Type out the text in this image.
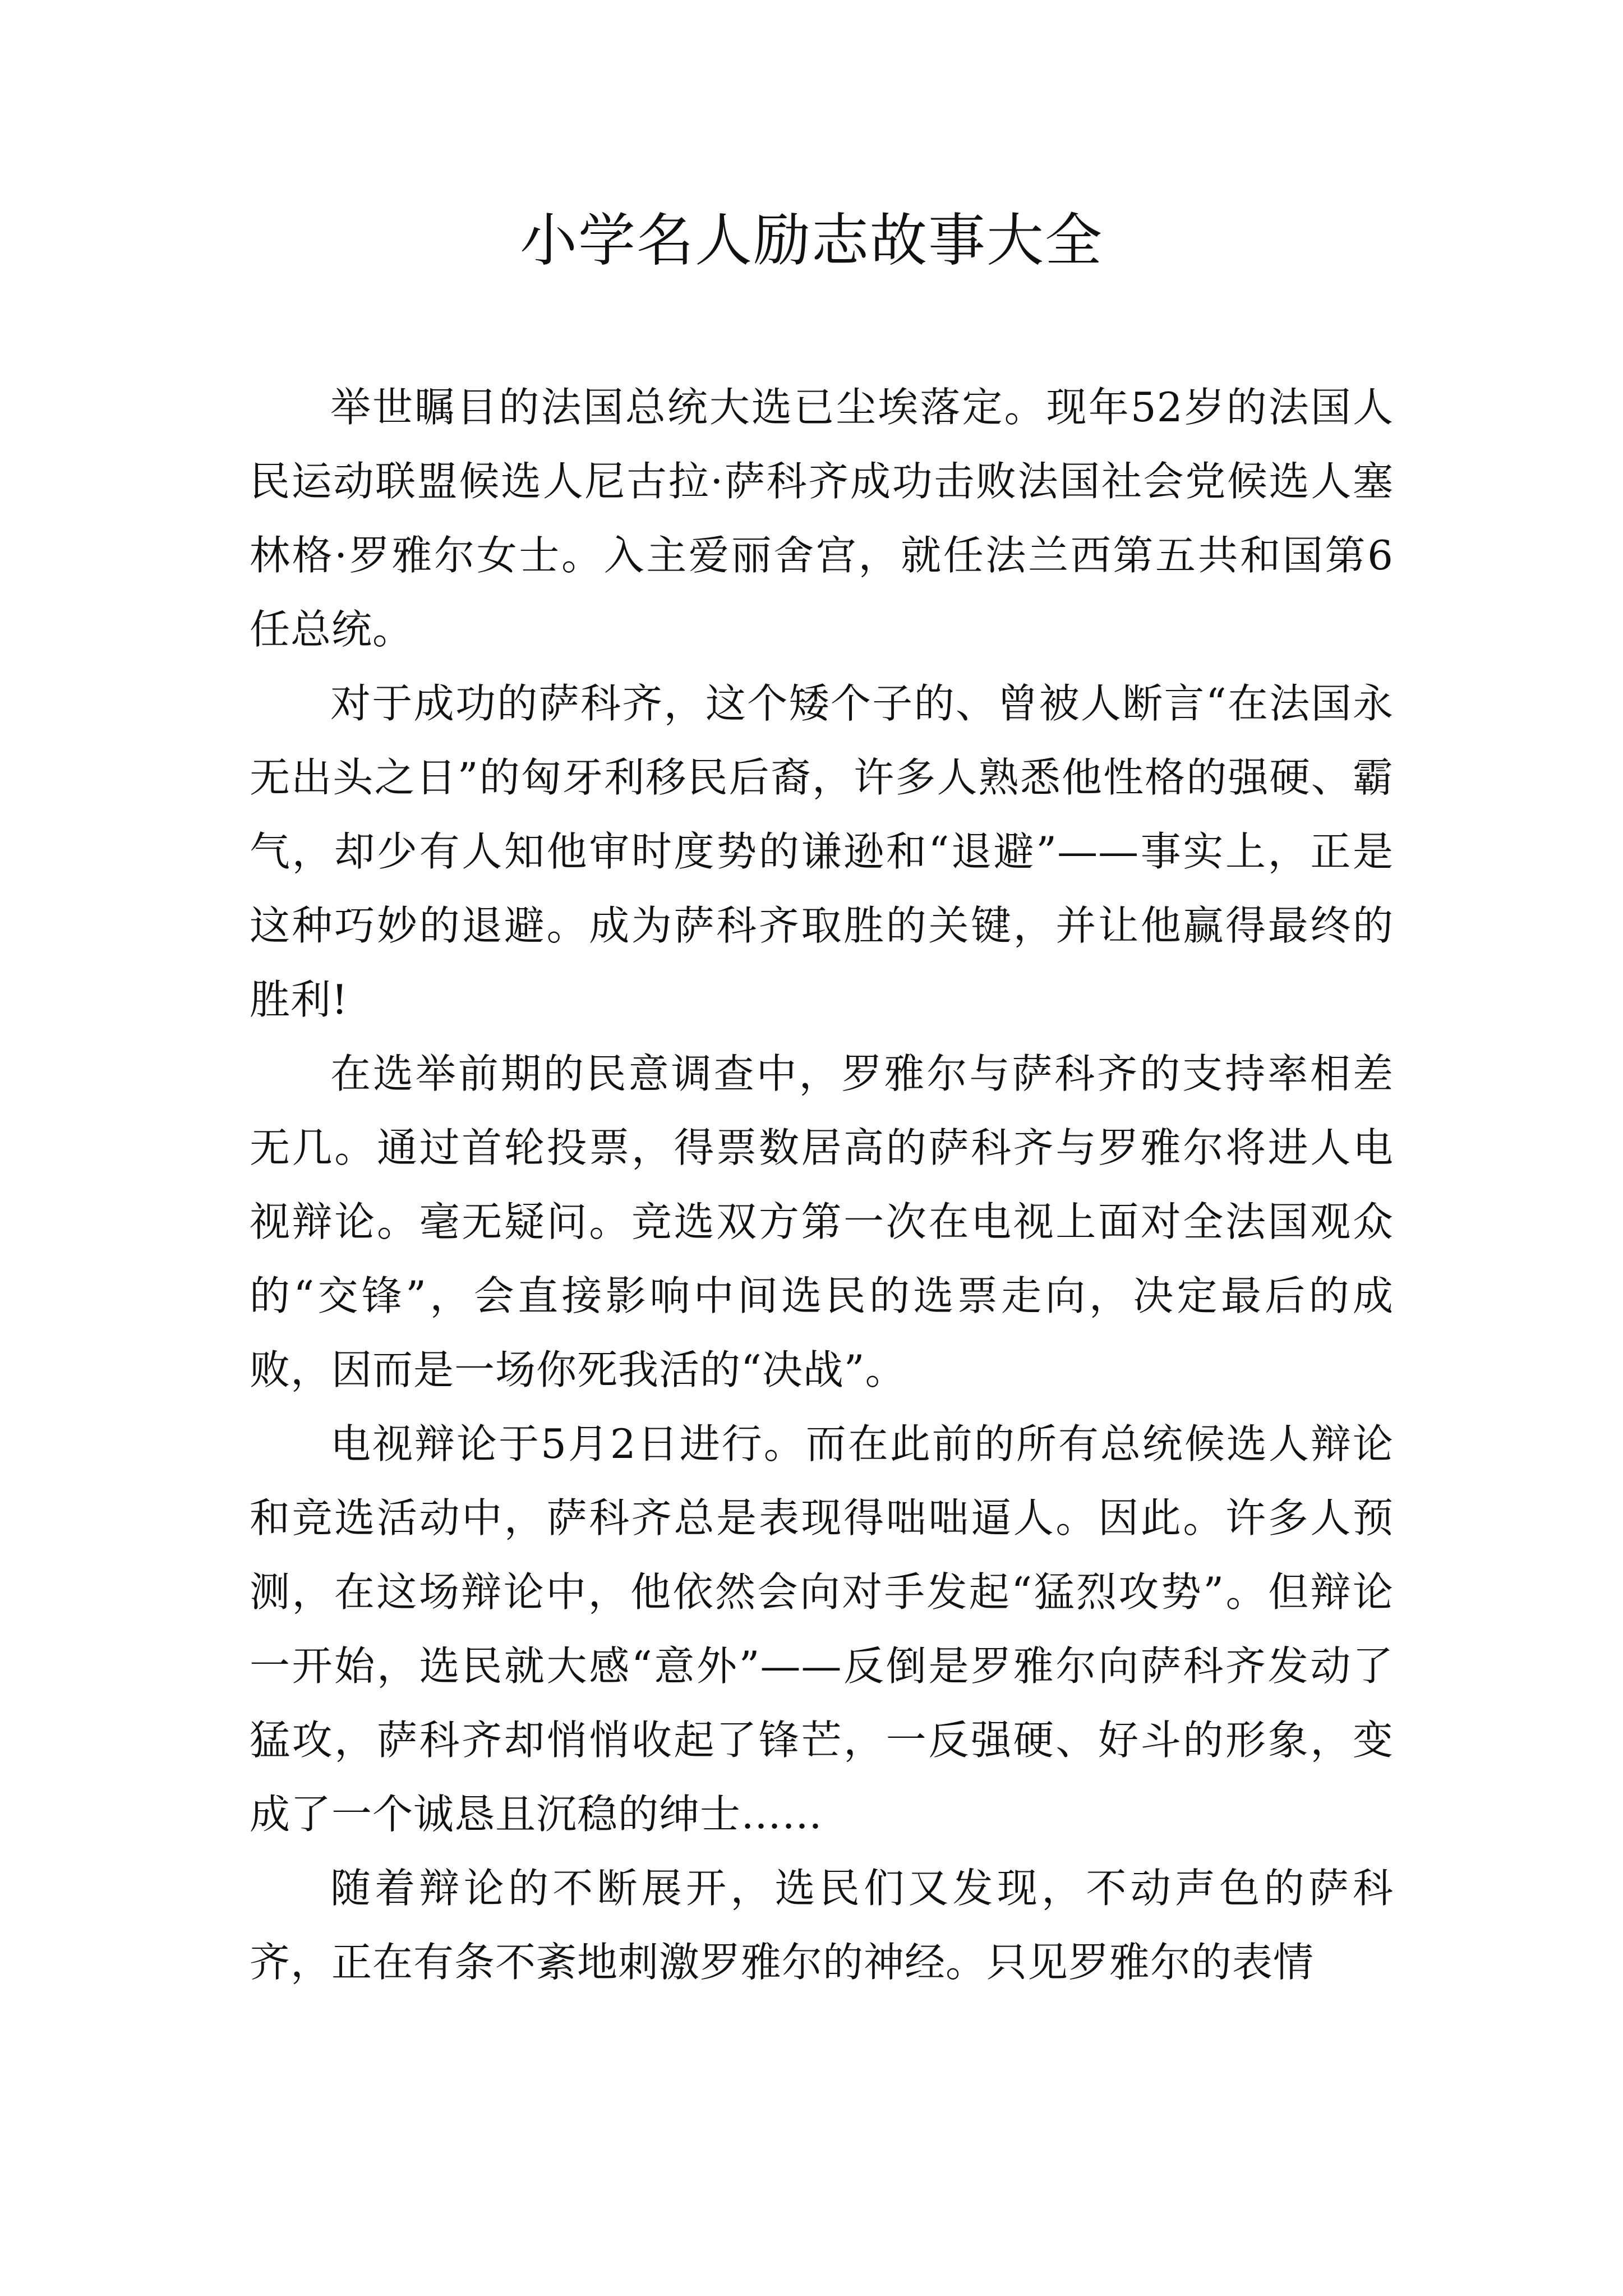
小学名人励志故事大全

举世瞩目的法国总统大选已尘埃落定。现年52岁的法国人民运动联盟候选人尼古拉·萨科齐成功击败法国社会党候选人塞林格·罗雅尔女士。入主爱丽舍宫，就任法兰西第五共和国第6任总统。

对于成功的萨科齐，这个矮个子的、曾被人断言“在法国永无出头之日”的匈牙利移民后裔，许多人熟悉他性格的强硬、霸气，却少有人知他审时度势的谦逊和“退避”——事实上，正是这种巧妙的退避。成为萨科齐取胜的关键，并让他赢得最终的胜利!

在选举前期的民意调查中，罗雅尔与萨科齐的支持率相差无几。通过首轮投票，得票数居高的萨科齐与罗雅尔将进人电视辩论。毫无疑问。竞选双方第一次在电视上面对全法国观众的“交锋”，会直接影响中间选民的选票走向，决定最后的成败，因而是一场你死我活的“决战”。

电视辩论于5月2日进行。而在此前的所有总统候选人辩论和竞选活动中，萨科齐总是表现得咄咄逼人。因此。许多人预测，在这场辩论中，他依然会向对手发起“猛烈攻势”。但辩论一开始，选民就大感“意外”——反倒是罗雅尔向萨科齐发动了猛攻，萨科齐却悄悄收起了锋芒，一反强硬、好斗的形象，变成了一个诚恳且沉稳的绅士……

随着辩论的不断展开，选民们又发现，不动声色的萨科齐，正在有条不紊地刺激罗雅尔的神经。只见罗雅尔的表情
